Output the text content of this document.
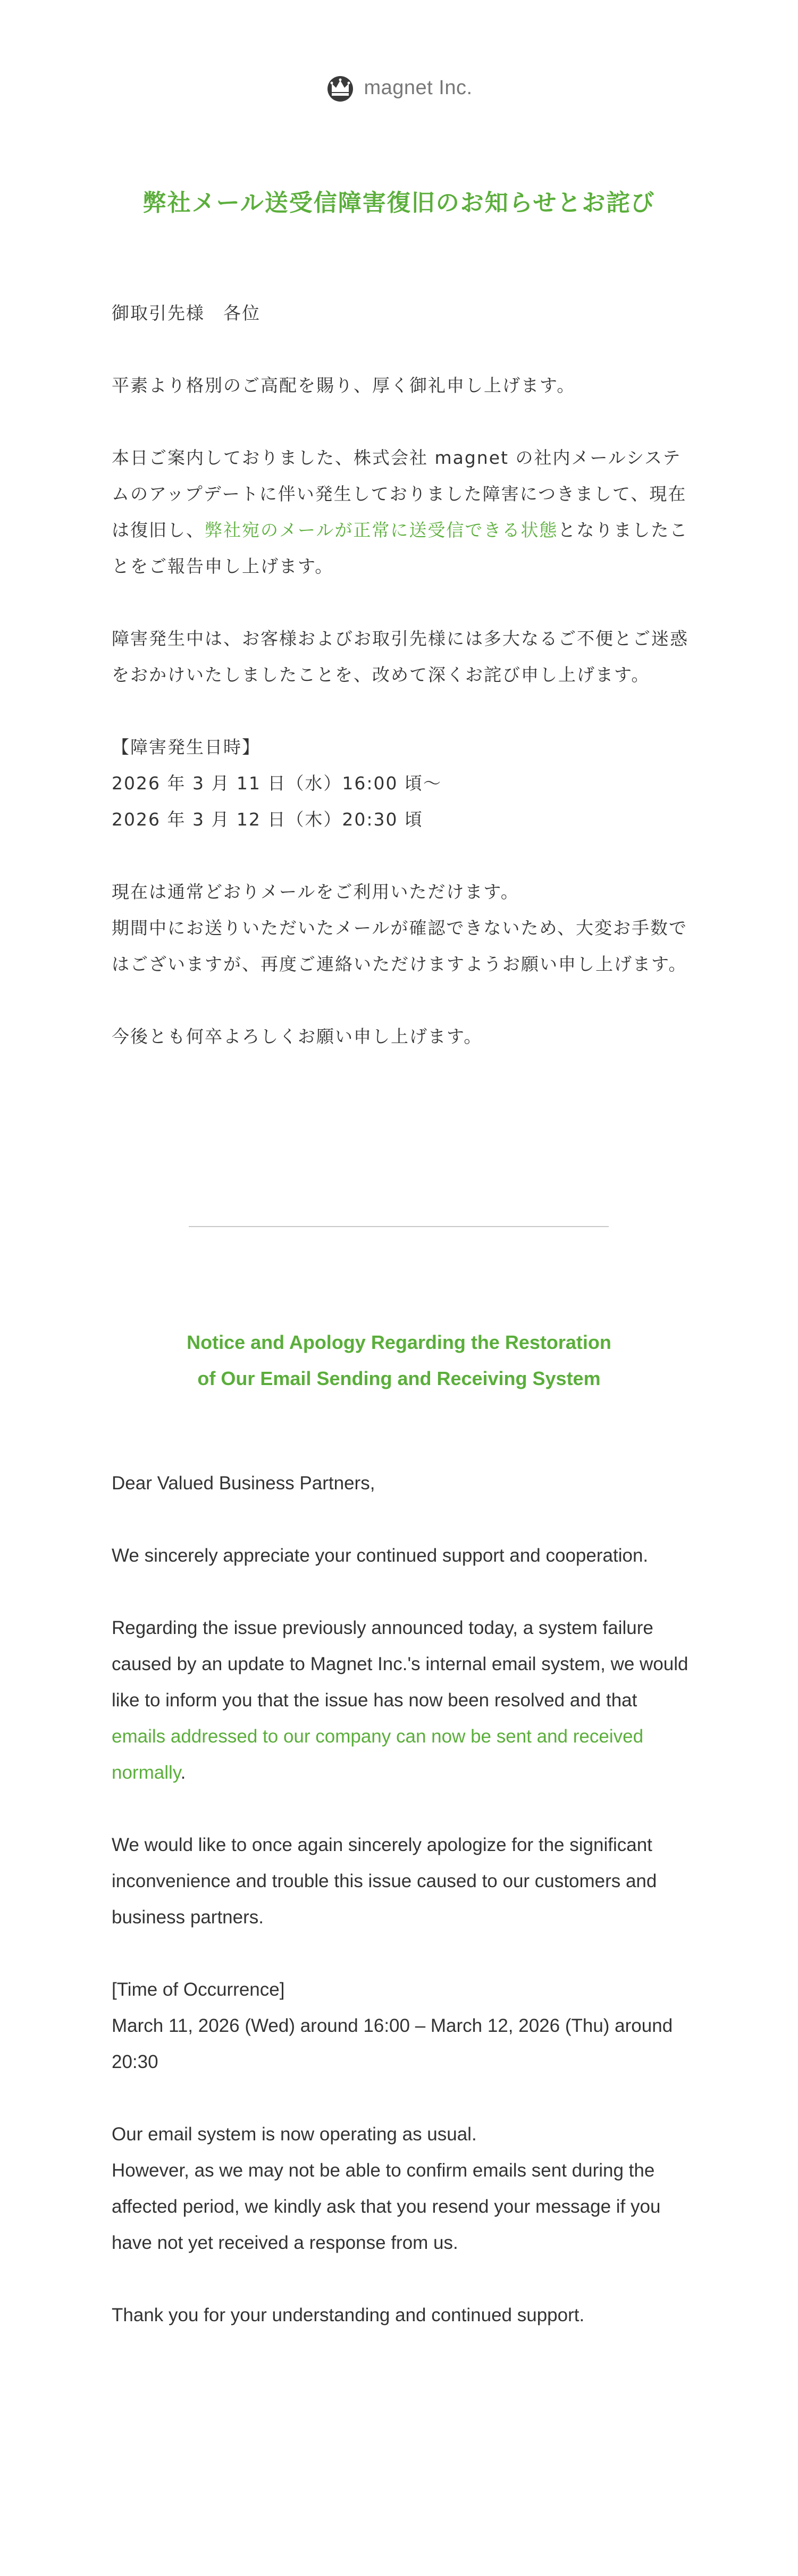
magnet Inc.
弊社メール送受信障害復旧のお知らせとお詫び

御取引先様　各位

平素より格別のご高配を賜り、厚く御礼申し上げます。

本日ご案内しておりました、株式会社 magnet の社内メールシステムのアップデートに伴い発生しておりました障害につきまして、現在は復旧し、弊社宛のメールが正常に送受信できる状態となりましたことをご報告申し上げます。

障害発生中は、お客様およびお取引先様には多大なるご不便とご迷惑をおかけいたしましたことを、改めて深くお詫び申し上げます。

【障害発生日時】
2026 年 3 月 11 日（水）16:00 頃〜
2026 年 3 月 12 日（木）20:30 頃

現在は通常どおりメールをご利用いただけます。
期間中にお送りいただいたメールが確認できないため、大変お手数ではございますが、再度ご連絡いただけますようお願い申し上げます。

今後とも何卒よろしくお願い申し上げます。

Notice and Apology Regarding the Restoration
of Our Email Sending and Receiving System

Dear Valued Business Partners,

We sincerely appreciate your continued support and cooperation.

Regarding the issue previously announced today, a system failure caused by an update to Magnet Inc.'s internal email system, we would like to inform you that the issue has now been resolved and that emails addressed to our company can now be sent and received normally.

We would like to once again sincerely apologize for the significant inconvenience and trouble this issue caused to our customers and business partners.

[Time of Occurrence]
March 11, 2026 (Wed) around 16:00 – March 12, 2026 (Thu) around 20:30

Our email system is now operating as usual.
However, as we may not be able to confirm emails sent during the affected period, we kindly ask that you resend your message if you have not yet received a response from us.

Thank you for your understanding and continued support.
